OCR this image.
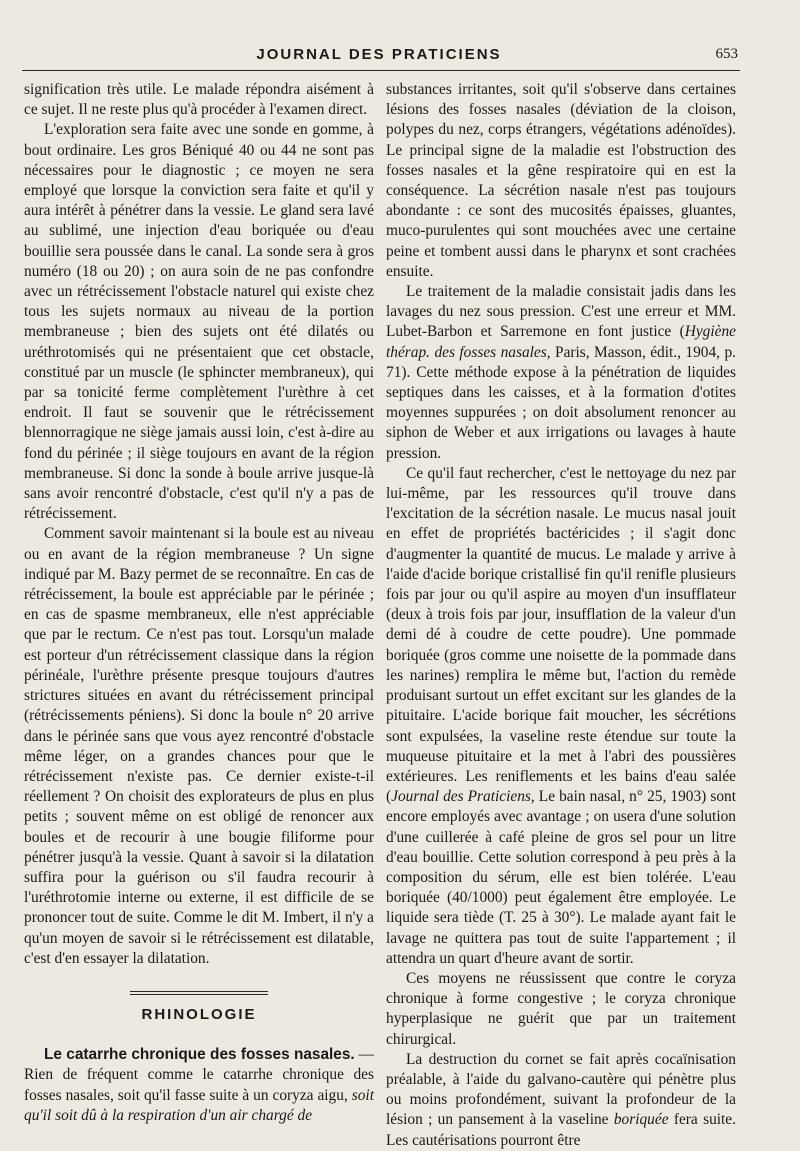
JOURNAL DES PRATICIENS	653

signification très utile. Le malade répondra aisément à ce sujet. Il ne reste plus qu'à procéder à l'examen direct.

L'exploration sera faite avec une sonde en gomme, à bout ordinaire. Les gros Béniqué 40 ou 44 ne sont pas nécessaires pour le diagnostic ; ce moyen ne sera employé que lorsque la conviction sera faite et qu'il y aura intérêt à pénétrer dans la vessie. Le gland sera lavé au sublimé, une injection d'eau boriquée ou d'eau bouillie sera poussée dans le canal. La sonde sera à gros numéro (18 ou 20) ; on aura soin de ne pas confondre avec un rétrécissement l'obstacle naturel qui existe chez tous les sujets normaux au niveau de la portion membraneuse ; bien des sujets ont été dilatés ou uréthrotomisés qui ne présentaient que cet obstacle, constitué par un muscle (le sphincter membraneux), qui par sa tonicité ferme complètement l'urèthre à cet endroit. Il faut se souvenir que le rétrécissement blennorragique ne siège jamais aussi loin, c'est à-dire au fond du périnée ; il siège toujours en avant de la région membraneuse. Si donc la sonde à boule arrive jusque-là sans avoir rencontré d'obstacle, c'est qu'il n'y a pas de rétrécissement.

Comment savoir maintenant si la boule est au niveau ou en avant de la région membraneuse ? Un signe indiqué par M. Bazy permet de se reconnaître. En cas de rétrécissement, la boule est appréciable par le périnée ; en cas de spasme membraneux, elle n'est appréciable que par le rectum. Ce n'est pas tout. Lorsqu'un malade est porteur d'un rétrécissement classique dans la région périnéale, l'urèthre présente presque toujours d'autres strictures situées en avant du rétrécissement principal (rétrécissements péniens). Si donc la boule n° 20 arrive dans le périnée sans que vous ayez rencontré d'obstacle même léger, on a grandes chances pour que le rétrécissement n'existe pas. Ce dernier existe-t-il réellement ? On choisit des explorateurs de plus en plus petits ; souvent même on est obligé de renoncer aux boules et de recourir à une bougie filiforme pour pénétrer jusqu'à la vessie. Quant à savoir si la dilatation suffira pour la guérison ou s'il faudra recourir à l'uréthrotomie interne ou externe, il est difficile de se prononcer tout de suite. Comme le dit M. Imbert, il n'y a qu'un moyen de savoir si le rétrécissement est dilatable, c'est d'en essayer la dilatation.

RHINOLOGIE

Le catarrhe chronique des fosses nasales. — Rien de fréquent comme le catarrhe chronique des fosses nasales, soit qu'il fasse suite à un coryza aigu, soit qu'il soit dû à la respiration d'un air chargé de

substances irritantes, soit qu'il s'observe dans certaines lésions des fosses nasales (déviation de la cloison, polypes du nez, corps étrangers, végétations adénoïdes). Le principal signe de la maladie est l'obstruction des fosses nasales et la gêne respiratoire qui en est la conséquence. La sécrétion nasale n'est pas toujours abondante : ce sont des mucosités épaisses, gluantes, muco-purulentes qui sont mouchées avec une certaine peine et tombent aussi dans le pharynx et sont crachées ensuite.

Le traitement de la maladie consistait jadis dans les lavages du nez sous pression. C'est une erreur et MM. Lubet-Barbon et Sarremone en font justice (Hygiène thérap. des fosses nasales, Paris, Masson, édit., 1904, p. 71). Cette méthode expose à la pénétration de liquides septiques dans les caisses, et à la formation d'otites moyennes suppurées ; on doit absolument renoncer au siphon de Weber et aux irrigations ou lavages à haute pression.

Ce qu'il faut rechercher, c'est le nettoyage du nez par lui-même, par les ressources qu'il trouve dans l'excitation de la sécrétion nasale. Le mucus nasal jouit en effet de propriétés bactéricides ; il s'agit donc d'augmenter la quantité de mucus. Le malade y arrive à l'aide d'acide borique cristallisé fin qu'il renifle plusieurs fois par jour ou qu'il aspire au moyen d'un insufflateur (deux à trois fois par jour, insufflation de la valeur d'un demi dé à coudre de cette poudre). Une pommade boriquée (gros comme une noisette de la pommade dans les narines) remplira le même but, l'action du remède produisant surtout un effet excitant sur les glandes de la pituitaire. L'acide borique fait moucher, les sécrétions sont expulsées, la vaseline reste étendue sur toute la muqueuse pituitaire et la met à l'abri des poussières extérieures. Les reniflements et les bains d'eau salée (Journal des Praticiens, Le bain nasal, n° 25, 1903) sont encore employés avec avantage ; on usera d'une solution d'une cuillerée à café pleine de gros sel pour un litre d'eau bouillie. Cette solution correspond à peu près à la composition du sérum, elle est bien tolérée. L'eau boriquée (40/1000) peut également être employée. Le liquide sera tiède (T. 25 à 30°). Le malade ayant fait le lavage ne quittera pas tout de suite l'appartement ; il attendra un quart d'heure avant de sortir.

Ces moyens ne réussissent que contre le coryza chronique à forme congestive ; le coryza chronique hyperplasique ne guérit que par un traitement chirurgical.

La destruction du cornet se fait après cocaïnisation préalable, à l'aide du galvano-cautère qui pénètre plus ou moins profondément, suivant la profondeur de la lésion ; un pansement à la vaseline boriquée fera suite. Les cautérisations pourront être
